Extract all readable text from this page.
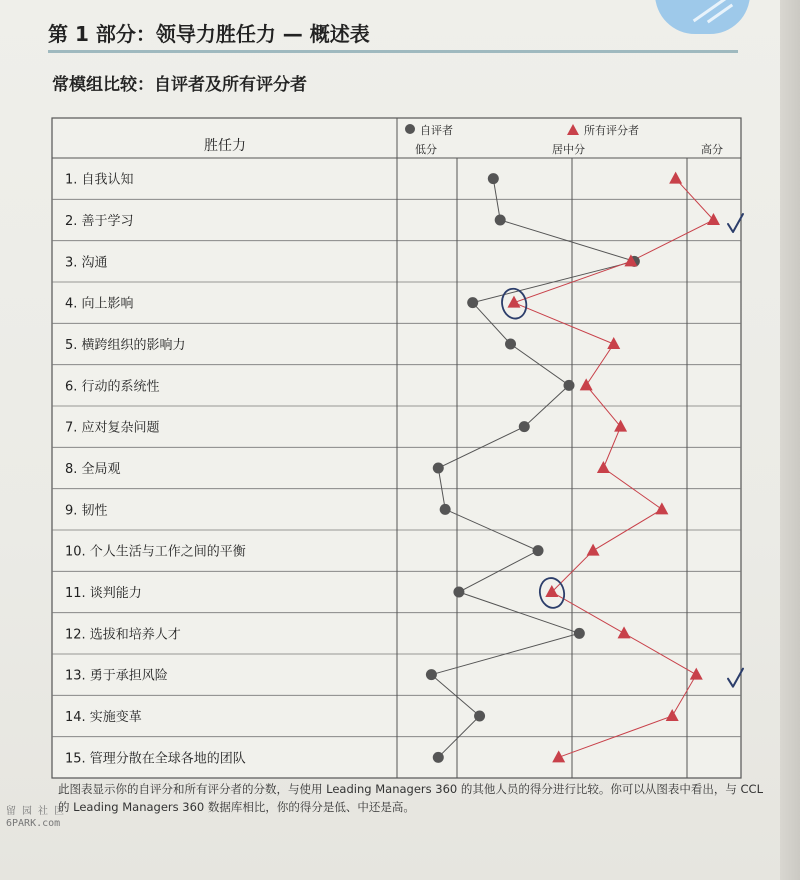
第 1 部分：领导力胜任力 — 概述表
常模组比较：自评者及所有评分者
胜任力
自评者	所有评分者
低分	居中分	高分
1. 自我认知
2. 善于学习
3. 沟通
4. 向上影响
5. 横跨组织的影响力
6. 行动的系统性
7. 应对复杂问题
8. 全局观
9. 韧性
10. 个人生活与工作之间的平衡
11. 谈判能力
12. 选拔和培养人才
13. 勇于承担风险
14. 实施变革
15. 管理分散在全球各地的团队
此图表显示你的自评分和所有评分者的分数，与使用 Leading Managers 360 的其他人员的得分进行比较。你可以从图表中看出，与 CCL 的 Leading Managers 360 数据库相比，你的得分是低、中还是高。
留 园 社 区
6PARK.com
